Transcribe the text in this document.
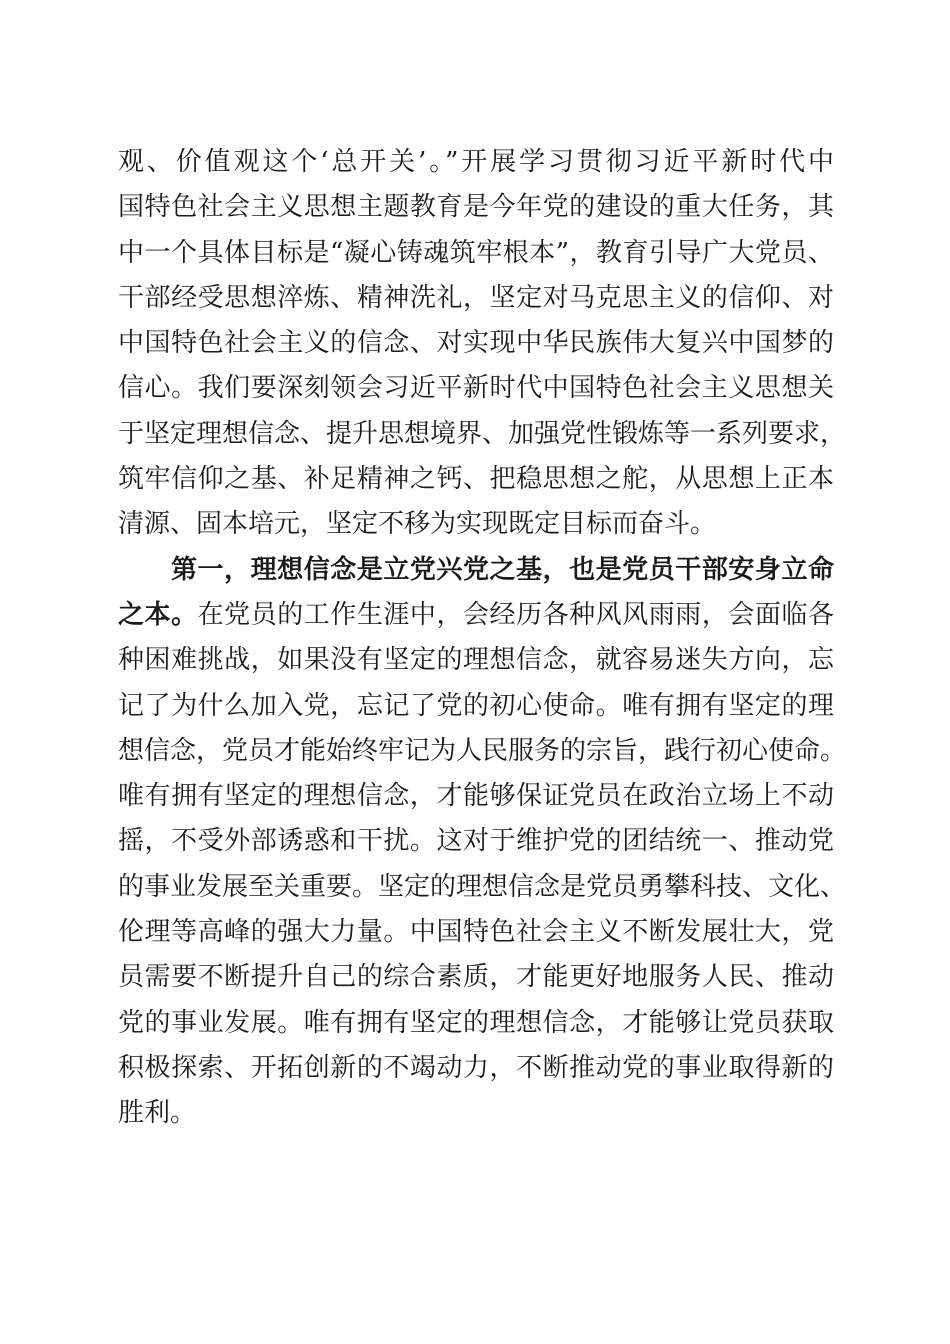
观、价值观这个‘总开关’。”开展学习贯彻习近平新时代中
国特色社会主义思想主题教育是今年党的建设的重大任务，其
中一个具体目标是“凝心铸魂筑牢根本”，教育引导广大党员、
干部经受思想淬炼、精神洗礼，坚定对马克思主义的信仰、对
中国特色社会主义的信念、对实现中华民族伟大复兴中国梦的
信心。我们要深刻领会习近平新时代中国特色社会主义思想关
于坚定理想信念、提升思想境界、加强党性锻炼等一系列要求，
筑牢信仰之基、补足精神之钙、把稳思想之舵，从思想上正本
清源、固本培元，坚定不移为实现既定目标而奋斗。
第一，理想信念是立党兴党之基，也是党员干部安身立命
之本。在党员的工作生涯中，会经历各种风风雨雨，会面临各
种困难挑战，如果没有坚定的理想信念，就容易迷失方向，忘
记了为什么加入党，忘记了党的初心使命。唯有拥有坚定的理
想信念，党员才能始终牢记为人民服务的宗旨，践行初心使命。
唯有拥有坚定的理想信念，才能够保证党员在政治立场上不动
摇，不受外部诱惑和干扰。这对于维护党的团结统一、推动党
的事业发展至关重要。坚定的理想信念是党员勇攀科技、文化、
伦理等高峰的强大力量。中国特色社会主义不断发展壮大，党
员需要不断提升自己的综合素质，才能更好地服务人民、推动
党的事业发展。唯有拥有坚定的理想信念，才能够让党员获取
积极探索、开拓创新的不竭动力，不断推动党的事业取得新的
胜利。
